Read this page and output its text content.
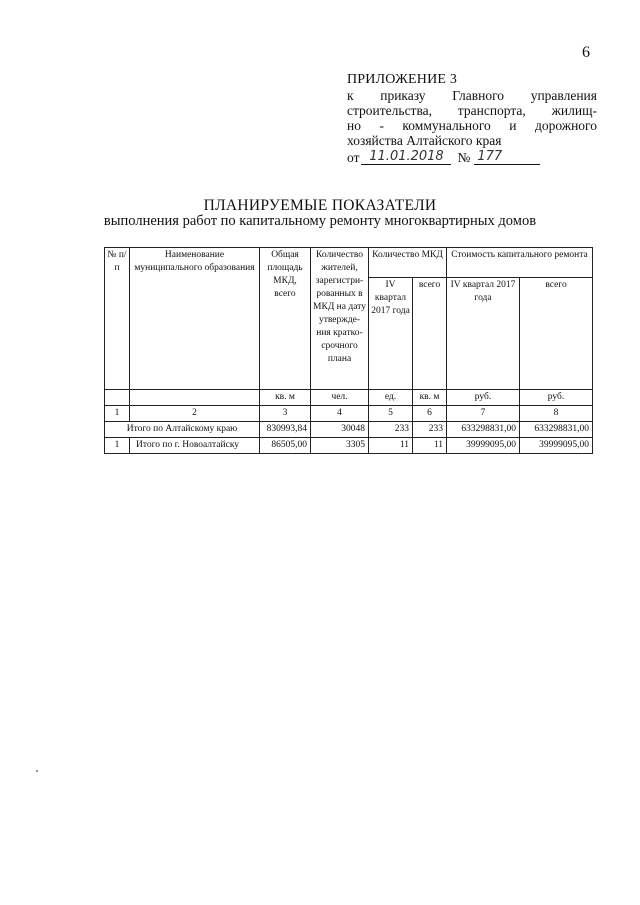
6
ПРИЛОЖЕНИЕ 3
к приказу Главного управления
строительства, транспорта, жилищ-
но - коммунального и дорожного
хозяйства Алтайского края
от 11.01.2018	№ 177
ПЛАНИРУЕМЫЕ ПОКАЗАТЕЛИ
выполнения работ по капитальному ремонту многоквартирных домов
№ п/п	Наименование муниципального образования	Общая площадь МКД, всего	Количество жителей, зарегистри-рованных в МКД на дату утвержде-ния кратко-срочного плана	Количество МКД		Стоимость капитального ремонта	
				IV квартал 2017 года	всего	IV квартал 2017 года	всего
		кв. м	чел.	ед.	кв. м	руб.	руб.
1	2	3	4	5	6	7	8
Итого по Алтайскому краю		830993,84	30048	233	233	633298831,00	633298831,00
1	Итого по г. Новоалтайску	86505,00	3305	11	11	39999095,00	39999095,00
